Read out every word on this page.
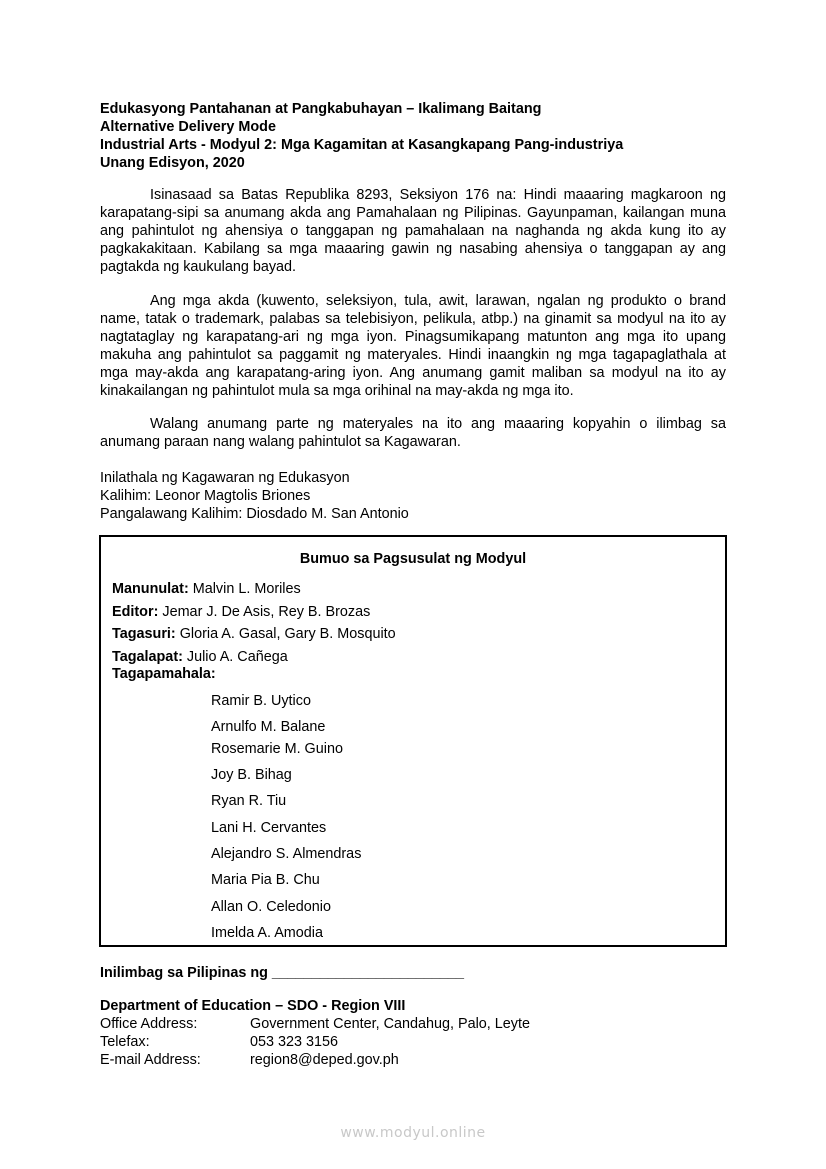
Edukasyong Pantahanan at Pangkabuhayan – Ikalimang Baitang
Alternative Delivery Mode
Industrial Arts - Modyul 2: Mga Kagamitan at Kasangkapang Pang-industriya
Unang Edisyon, 2020

Isinasaad sa Batas Republika 8293, Seksiyon 176 na: Hindi maaaring magkaroon ng karapatang-sipi sa anumang akda ang Pamahalaan ng Pilipinas. Gayunpaman, kailangan muna ang pahintulot ng ahensiya o tanggapan ng pamahalaan na naghanda ng akda kung ito ay pagkakakitaan. Kabilang sa mga maaaring gawin ng nasabing ahensiya o tanggapan ay ang pagtakda ng kaukulang bayad.

Ang mga akda (kuwento, seleksiyon, tula, awit, larawan, ngalan ng produkto o brand name, tatak o trademark, palabas sa telebisiyon, pelikula, atbp.) na ginamit sa modyul na ito ay nagtataglay ng karapatang-ari ng mga iyon. Pinagsumikapang matunton ang mga ito upang makuha ang pahintulot sa paggamit ng materyales. Hindi inaangkin ng mga tagapaglathala at mga may-akda ang karapatang-aring iyon. Ang anumang gamit maliban sa modyul na ito ay kinakailangan ng pahintulot mula sa mga orihinal na may-akda ng mga ito.

Walang anumang parte ng materyales na ito ang maaaring kopyahin o ilimbag sa anumang paraan nang walang pahintulot sa Kagawaran.

Inilathala ng Kagawaran ng Edukasyon
Kalihim: Leonor Magtolis Briones
Pangalawang Kalihim: Diosdado M. San Antonio
Bumuo sa Pagsusulat ng Modyul
Manunulat: Malvin L. Moriles
Editor: Jemar J. De Asis, Rey B. Brozas
Tagasuri: Gloria A. Gasal, Gary B. Mosquito
Tagalapat: Julio A. Cañega
Tagapamahala:
Ramir B. Uytico
Arnulfo M. Balane
Rosemarie M. Guino
Joy B. Bihag
Ryan R. Tiu
Lani H. Cervantes
Alejandro S. Almendras
Maria Pia B. Chu
Allan O. Celedonio
Imelda A. Amodia
Inilimbag sa Pilipinas ng ________________________
Department of Education – SDO - Region VIII
Office Address:	Government Center, Candahug, Palo, Leyte
Telefax:	053 323 3156
E-mail Address:	region8@deped.gov.ph
www.modyul.online
